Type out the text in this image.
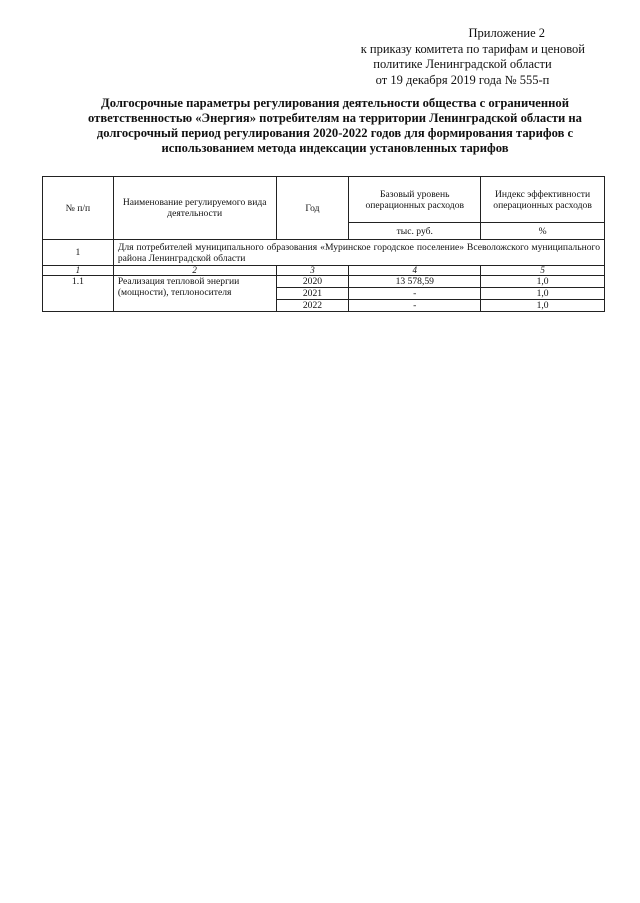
Приложение 2
к приказу комитета по тарифам и ценовой
политике Ленинградской области
от 19 декабря 2019 года № 555-п
Долгосрочные параметры регулирования деятельности общества с ограниченной ответственностью «Энергия» потребителям на территории Ленинградской области на долгосрочный период регулирования 2020-2022 годов для формирования тарифов с использованием метода индексации установленных тарифов
№ п/п	Наименование регулируемого вида деятельности	Год	Базовый уровень операционных расходов	Индекс эффективности операционных расходов
			тыс. руб.	%
1	Для потребителей муниципального образования «Муринское городское поселение» Всеволожского муниципального района Ленинградской области			
1	2	3	4	5
1.1	Реализация тепловой энергии (мощности), теплоносителя	2020	13 578,59	1,0
		2021	-	1,0
		2022	-	1,0
